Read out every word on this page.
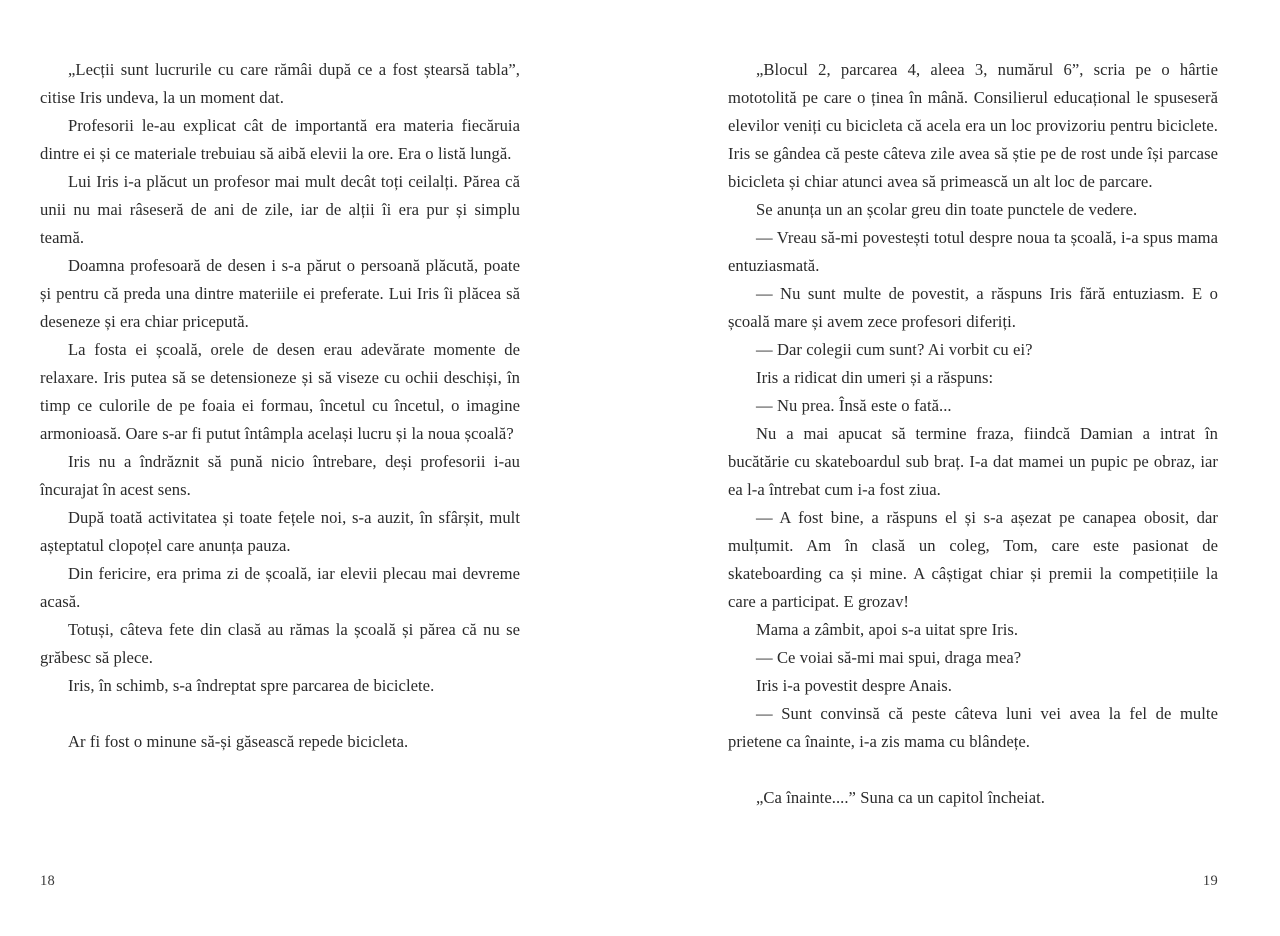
„Lecții sunt lucrurile cu care rămâi după ce a fost ștearsă tabla”, citise Iris undeva, la un moment dat.

Profesorii le-au explicat cât de importantă era materia fiecăruia dintre ei și ce materiale trebuiau să aibă elevii la ore. Era o listă lungă.

Lui Iris i-a plăcut un profesor mai mult decât toți ceilalți. Părea că unii nu mai râseseră de ani de zile, iar de alții îi era pur și simplu teamă.

Doamna profesoară de desen i s-a părut o persoană plăcută, poate și pentru că preda una dintre materiile ei preferate. Lui Iris îi plăcea să deseneze și era chiar pricepută.

La fosta ei școală, orele de desen erau adevărate momente de relaxare. Iris putea să se detensioneze și să viseze cu ochii deschiși, în timp ce culorile de pe foaia ei formau, încetul cu încetul, o imagine armonioasă. Oare s-ar fi putut întâmpla același lucru și la noua școală?

Iris nu a îndrăznit să pună nicio întrebare, deși profesorii i-au încurajat în acest sens.

După toată activitatea și toate fețele noi, s-a auzit, în sfârșit, mult așteptatul clopoțel care anunța pauza.

Din fericire, era prima zi de școală, iar elevii plecau mai devreme acasă.

Totuși, câteva fete din clasă au rămas la școală și părea că nu se grăbesc să plece.

Iris, în schimb, s-a îndreptat spre parcarea de biciclete.

Ar fi fost o minune să-și găsească repede bicicleta.

18

„Blocul 2, parcarea 4, aleea 3, numărul 6”, scria pe o hârtie mototolită pe care o ținea în mână. Consilierul educațional le spuseseră elevilor veniți cu bicicleta că acela era un loc provizoriu pentru biciclete. Iris se gândea că peste câteva zile avea să știe pe de rost unde își parcase bicicleta și chiar atunci avea să primească un alt loc de parcare.

Se anunța un an școlar greu din toate punctele de vedere.

— Vreau să-mi povestești totul despre noua ta școală, i-a spus mama entuziasmată.

— Nu sunt multe de povestit, a răspuns Iris fără entuziasm. E o școală mare și avem zece profesori diferiți.

— Dar colegii cum sunt? Ai vorbit cu ei?

Iris a ridicat din umeri și a răspuns:

— Nu prea. Însă este o fată...

Nu a mai apucat să termine fraza, fiindcă Damian a intrat în bucătărie cu skateboardul sub braț. I-a dat mamei un pupic pe obraz, iar ea l-a întrebat cum i-a fost ziua.

— A fost bine, a răspuns el și s-a așezat pe canapea obosit, dar mulțumit. Am în clasă un coleg, Tom, care este pasionat de skateboarding ca și mine. A câștigat chiar și premii la competițiile la care a participat. E grozav!

Mama a zâmbit, apoi s-a uitat spre Iris.

— Ce voiai să-mi mai spui, draga mea?

Iris i-a povestit despre Anais.

— Sunt convinsă că peste câteva luni vei avea la fel de multe prietene ca înainte, i-a zis mama cu blândețe.

„Ca înainte....” Suna ca un capitol încheiat.

19
